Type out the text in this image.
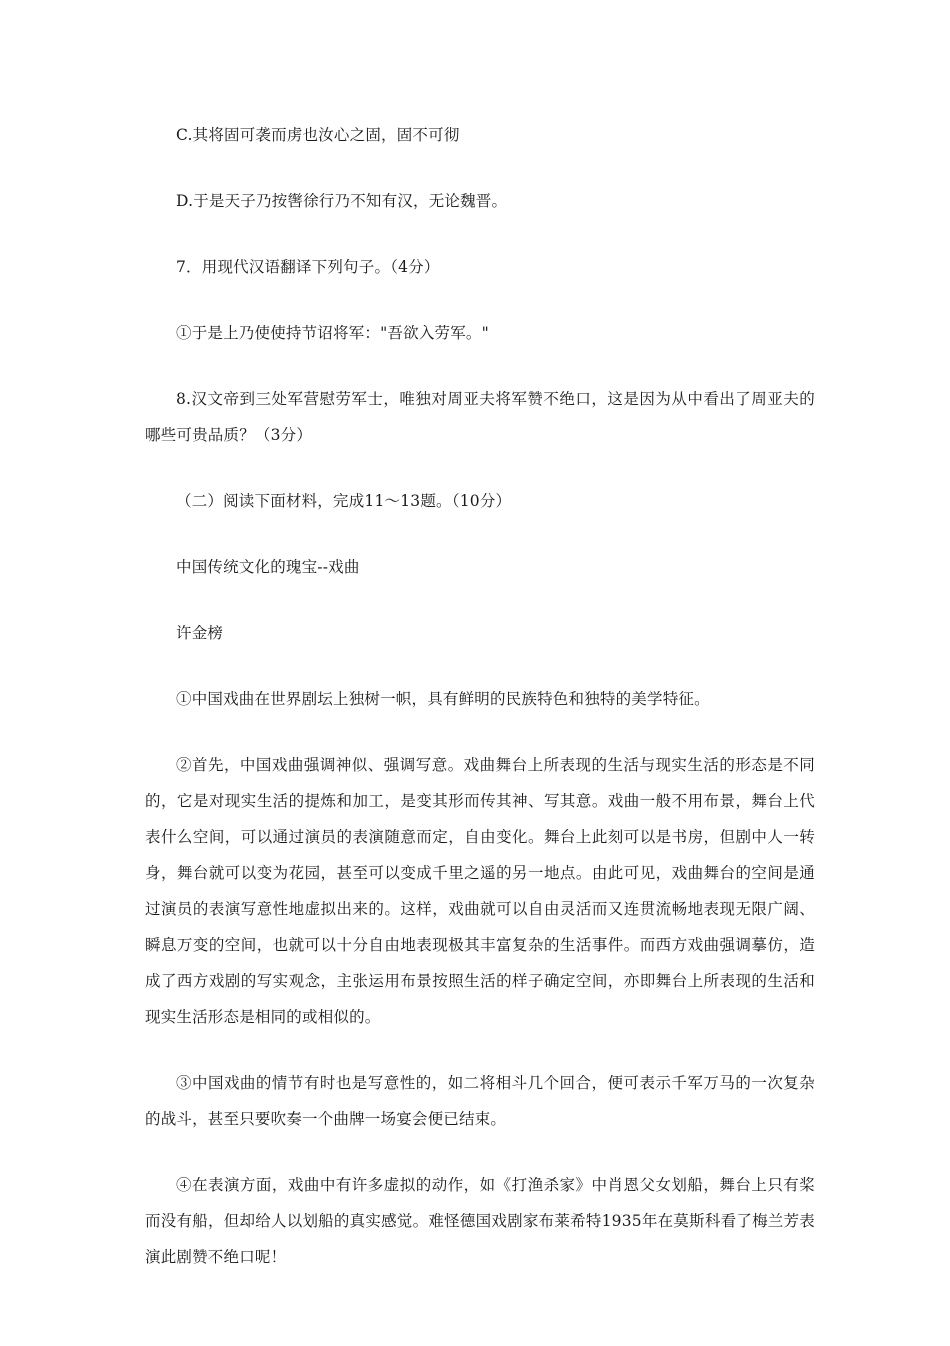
C.其将固可袭而虏也汝心之固，固不可彻

D.于是天子乃按辔徐行乃不知有汉，无论魏晋。

7．用现代汉语翻译下列句子。（4分）

①于是上乃使使持节诏将军："吾欲入劳军。"

8.汉文帝到三处军营慰劳军士，唯独对周亚夫将军赞不绝口，这是因为从中看出了周亚夫的哪些可贵品质？（3分）

（二）阅读下面材料，完成11～13题。（10分）

中国传统文化的瑰宝--戏曲

许金榜

①中国戏曲在世界剧坛上独树一帜，具有鲜明的民族特色和独特的美学特征。

②首先，中国戏曲强调神似、强调写意。戏曲舞台上所表现的生活与现实生活的形态是不同的，它是对现实生活的提炼和加工，是变其形而传其神、写其意。戏曲一般不用布景，舞台上代表什么空间，可以通过演员的表演随意而定，自由变化。舞台上此刻可以是书房，但剧中人一转身，舞台就可以变为花园，甚至可以变成千里之遥的另一地点。由此可见，戏曲舞台的空间是通过演员的表演写意性地虚拟出来的。这样，戏曲就可以自由灵活而又连贯流畅地表现无限广阔、瞬息万变的空间，也就可以十分自由地表现极其丰富复杂的生活事件。而西方戏曲强调摹仿，造成了西方戏剧的写实观念，主张运用布景按照生活的样子确定空间，亦即舞台上所表现的生活和现实生活形态是相同的或相似的。

③中国戏曲的情节有时也是写意性的，如二将相斗几个回合，便可表示千军万马的一次复杂的战斗，甚至只要吹奏一个曲牌一场宴会便已结束。

④在表演方面，戏曲中有许多虚拟的动作，如《打渔杀家》中肖恩父女划船，舞台上只有桨而没有船，但却给人以划船的真实感觉。难怪德国戏剧家布莱希特1935年在莫斯科看了梅兰芳表演此剧赞不绝口呢！
